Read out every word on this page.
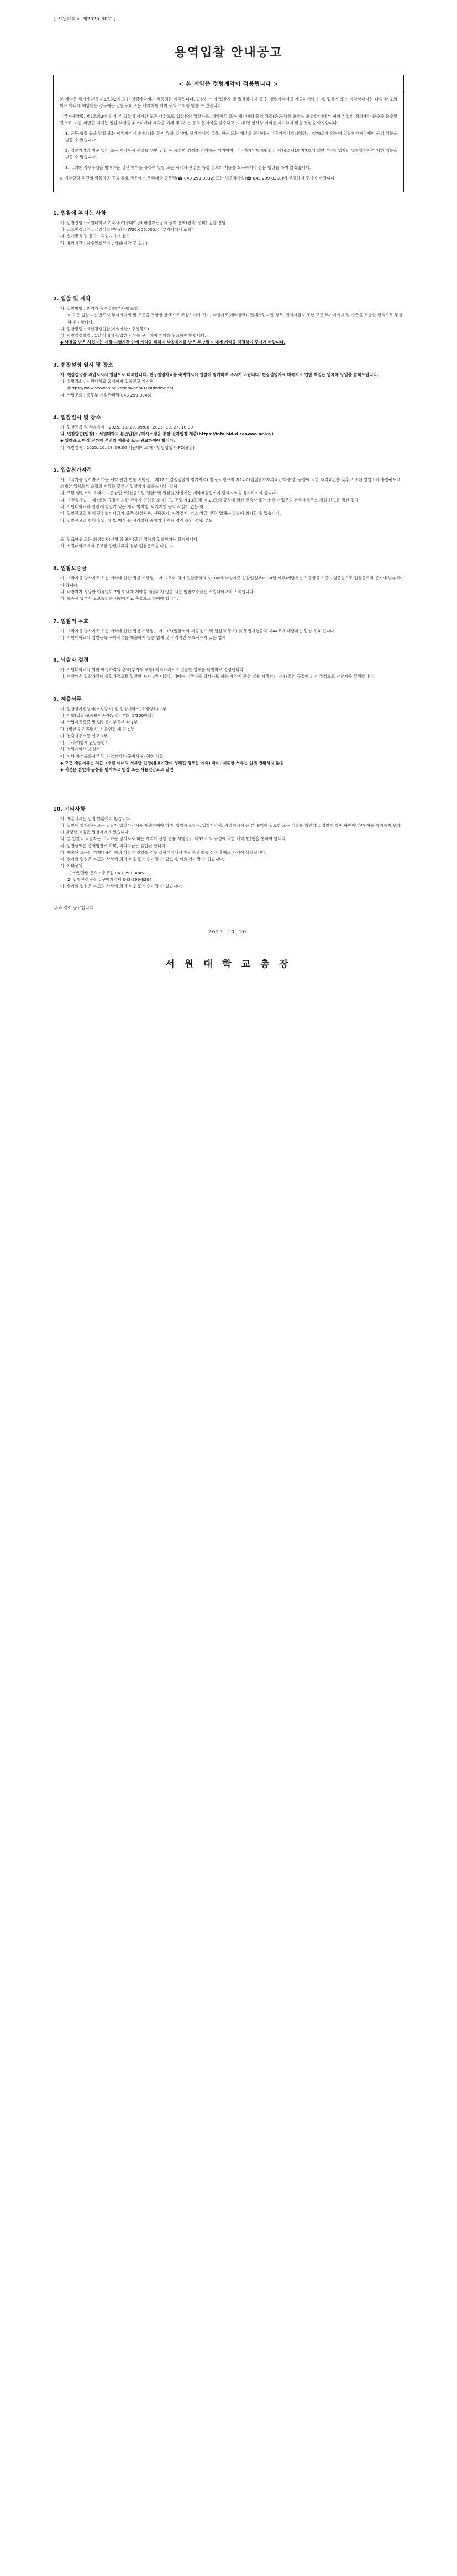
[ 서원대학교 제2025-30호 ]
용역입찰 안내공고
< 본 계약은 정형계약이 적용됩니다 >

본 계약은 국가계약법 제5조의2에 의한 청렴계약제가 적용되는 계약입니다. 입찰하는 자(입찰자 및 입찰참가자 등)는 청렴계약서를 제출하여야 하며, 입찰자 또는 계약상대자는 다음 각 호의 어느 하나에 해당하는 경우에는 입찰무효 또는 계약해제·해지 등의 조치를 받을 수 있습니다.

「국가계약법, 제5조의2에 의거 본 입찰에 참가한 모든 대상으로 입찰분의 입찰자를, 계약체결 또는 계약이행 등의 과정(준공·납품 포함을 포함한다)에서 이와 직접의 정형계약 준수를 준수할 것으로, 이를 위반할 때에는 입찰·낙찰을 취소하거나 계약을 해제·해지하는 등의 불이익을 감수하고, 이에 민·형사상 이의를 제기하지 않을 것임을 약정합니다.

1. 공동·협정 등을 담합 또는 이익자거나 수수(뇌물)하지 않을 것이며, 관계자에게 금품, 향응 또는 재산상 권익에는 「국가계약법시행령」 제76조에 의하여 입찰참가자격제한 등의 처분을 받을 수 있습니다.

2. 입찰가격의 지문 없이 또는 계약목적 서류를 위반 담합 등 공정한 경쟁을 방해하는 행위이며, 「국가계약법시행령」 제76조제1항제7호에 의한 부정당업자의 입찰참가자격 제한 처분을 받을 수 있습니다.

3. 고의한 직무수행을 방해하는 설산·행위를 통하여 입찰 또는 계약과 관련한 특정 정보의 제공을 요구하거나 받는 행위를 하지 않겠습니다.

※ 계약담당 직원의 금품향응 등을 강요 경우에는 우리대학 총무팀(☎ 043-299-8032) 또는 법무감사실(☎ 043-299-8208)에 신고하여 주시기 바랍니다.

1. 입찰에 부치는 사항

가. 입찰건명 : 서원대학교 기숙사(CJ경대여관) 환경개선공사 설계 용역(건축, 설비) 입찰 건명

나. 소요예정금액 : 금일이십천만원정(₩30,000,000.-) "부가가치세 포함"

다. 설계방식 및 품도 : 과업지시서 참고

라. 용역기간 : 착수일로부터 7개월(계약 후 협의)

2. 입찰 및 계약

가. 입찰방법 : 최저가 총액입찰(부가세 포함)

※ 모든 입찰자는 반드시 부가가치세 및 모든을 포함한 금액으로 투찰하여야 하며, 낙찰자로(계약금액), 면세사업자인 경우, 면세사업자 또한 모든 부가가치세 및 수급을 포함한 금액으로 투찰하여야 합니다.

나. 입찰방법 : 제한경쟁입찰(지역제한 : 충청북도)

다. 낙찰결정방법 : 1일 이내에 들입한 서류를 구비하여 계약을 완료하여야 합니다.

◆ 낙찰을 받은 사업자는 시장 시행기간 안에 계약을 위하여 낙찰통지를 받은 후 7일 이내에 계약을 체결하여 주시기 바랍니다.

3. 현장설명 일시 및 장소

가. 현장설명을 과업지시서 열람으로 대체합니다. 현장설명자료를 숙지하시어 입찰에 참가하여 주시기 바랍니다. 현장설명자료 미숙지로 인한 책임은 업체에 당일을 밝히드립니다.

나. 설명장소 : 서원대학교 홈페이지 입찰공고 게시판

(https://www.seowon.ac.kr/seowon/437/subview.do)

다. 사업문의 : 총무부 시설관리팀(043-299-8045)

4. 입찰일시 및 장소

가. 입찰등록 및 서류통제 : 2025. 10. 20. 09:00~2025. 10. 27. 18:00

나. 입찰방법(입찰) : 서원대학교 본관입찰/구매시스템을 통한 전자입찰 제출(https://info.bid-d.seowon.ac.kr/)

◆ 입찰공고 마감 전까지 본인의 제출물 모두 완료하여야 합니다.

다. 개찰일시 : 2025. 10. 28. 09:00 서원대학교 계약담당당당자 PC(웹면)

5. 입찰참가자격

가. 「국가를 당사자로 하는 계약 관한 법률 시행령」 제12조(경쟁입찰의 참가자격) 및 동시행규칙 제14조(입찰참가자격요건의 증명) 규정에 의한 자격요건을 갖추고 주된 영업소가 충청북도에 소재한 업체로서 소정의 서류를 갖추어 입찰참가 등록을 마친 업체

나. 주된 영업소의 소재지 기준상인 "입찰공고일 전일" 및 입찰일(낙찰자는 계약체결일까지 당해지역을 유지하여야 합니다.

다. 「건축사법」 제7조의 규정에 의한 건축사 면허를 소지하고, 동법 제18조 및 제 20조의 규정에 의한 건축사 또는 건축사 업무의 건축사사무소 개설 신고를 필한 업체

라. 서원대학교와 관련·낙찰일기 있는 계약 별이행, 낙기지연 등의 사실이 없는 자

마. 입찰공고일 현재 관련법이나그가 중쪽 심설처분, 신탁중지, 자격정지, 기소 취급, 행정 업체는 입찰에 참가할 수 없습니다.

바. 입찰공고일 현재 휴업, 폐업, 매각 등 정리절차 중이거나 재계 정리 중인 업체, 부도

도, 워크아웃 또는 회생절차(신청 중 포함)중인 업체의 입찰참가는 불가합니다.

사. 서원대학교에서 공고한 관련서류와 첨부 입찰등록을 마친 자

6. 입찰보증금

가. 「국가를 당사자로 하는 계약에 관한 법률 시행령」 제37조와 의거 입찰금액의 5/100에(낙찰기준-입찰일정부터 30일 이후)에당하는 보증금을 보증보험증권으로 입찰등록과 동시에 납부하여야 합니다.

나. 낙찰자가 정당한 이유없이 7일 이내에 계약을 체결하지 않을 시는 입찰보증금은 서원대학교에 귀속됩니다.

다. 보증서 납부시 모보증인은 서원대학교 총장으로 하여야 합니다.

7. 입찰의 무효

가. 「국가를 당사자로 하는 계약에 관한 법률 시행령」 제39조(입찰서의 제출·접수 및 입찰의 무효) 및 동법시행규칙 제44조에 해당하는 입찰 무효 입니다.

나. 서원대학교에 입찰등록 구비서류를 제출하지 않은 업체 및 적격적인 무효사유가 있는 업체

8. 낙찰자 결정

가. 서원대학교에 의한 예정가격의 총액(부가세 포함) 최저가격으로 입찰한 업체를 낙찰자로 결정합니다.

나. 낙찰액은 입찰가격이 동일가격으로 입찰한 자가 2인 이상일 때에는 「국가를 당사자로 하는 계약에 관한 법률 시행령」 제47조의 규정에 의거 추첨으로 낙찰자를 결정합니다.

9. 제출서류

가. 입찰참가신청서(소정양식) 및 입찰서약서(소정양식) 1부.

나. 이행(입찰)보증보험증권(입찰금액의 5/100이상)

다. 사업자등록증 및 법인등기부등본 각 1부

라. (법인)인감증명서, 사용인감 계 각 1부

마. 건축사무소등 신고 1부

바. 국세·지방세 완납증명서

사. 청렴계약서(소정서)

아. 기타 자격등록서류 및 과업지시서(구비서)와 정한 서류

◆ 모든 제출서류는 최근 1개월 이내의 서류만 인정(유효기간이 정해진 경우는 예외) 하며, 제출한 서류는 일체 반환하지 않음

◆ 서본은 본인과 공통을 명기하고 인감 또는 사용인감으로 날인

10. 기타사항

가. 제출서류는 일절 반환하지 않습니다.

나. 입찰에 참가하는 모든 입찰자 입찰서약서를 제출하여야 하며, 입찰공고내용, 입찰서약서, 과업지시서 등 본 용역에 필요한 모든 서류를 확인하고 입찰에 참여 하여야 하며 이를 숙지하지 못하여 발생한 책임은 입찰자에게 있습니다.

다. 본 입찰의 낙찰자는 「국가를 당사자로 하는 계약에 관한 법률 시행령」 제52조 의 규정에 의한 계약(법)행을 통하여 합니다.

라. 입찰금액은 총액입찰로 하며, 과다지급은 불합된 합니다.

마. 제출된 모든의 기재내용이 허위 사실인 것임을 경우 심사대상에서 제외하고 최종 선정 후에도 자격이 상실됩니다.

바. 상기의 일정은 본교의 사정에 의거 취소 또는 연기될 수 있으며, 이의 제기할 수 없습니다.

사. 기타문의

1) 사업관련 문의 : 총무팀 043-299-8045

2) 입찰관련 문의 : 구매계약팀 043-299-8204

아. 상기의 일정은 본교의 사정에 의거 취소 또는 연기될 수 있습니다.

위와 같이 공고합니다.
2025. 10. 20.
서 원 대 학 교 총 장
